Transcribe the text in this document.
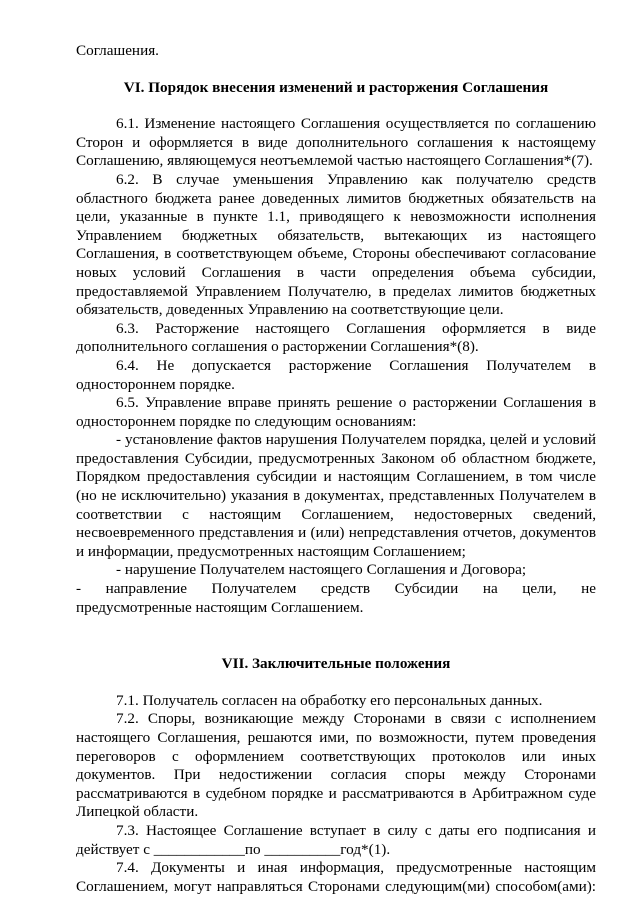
Соглашения.
VI. Порядок внесения изменений и расторжения Соглашения
6.1. Изменение настоящего Соглашения осуществляется по соглашению
Сторон и оформляется в виде дополнительного соглашения к настоящему
Соглашению, являющемуся неотъемлемой частью настоящего Соглашения*(7).
6.2. В случае уменьшения Управлению как получателю средств
областного бюджета ранее доведенных лимитов бюджетных обязательств на
цели, указанные в пункте 1.1, приводящего к невозможности исполнения
Управлением бюджетных обязательств, вытекающих из настоящего
Соглашения, в соответствующем объеме, Стороны обеспечивают согласование
новых условий Соглашения в части определения объема субсидии,
предоставляемой Управлением Получателю, в пределах лимитов бюджетных
обязательств, доведенных Управлению на соответствующие цели.
6.3. Расторжение настоящего Соглашения оформляется в виде
дополнительного соглашения о расторжении Соглашения*(8).
6.4. Не допускается расторжение Соглашения Получателем в
одностороннем порядке.
6.5. Управление вправе принять решение о расторжении Соглашения в
одностороннем порядке по следующим основаниям:
- установление фактов нарушения Получателем порядка, целей и условий
предоставления Субсидии, предусмотренных Законом об областном бюджете,
Порядком предоставления субсидии и настоящим Соглашением, в том числе
(но не исключительно) указания в документах, представленных Получателем в
соответствии с настоящим Соглашением, недостоверных сведений,
несвоевременного представления и (или) непредставления отчетов, документов
и информации, предусмотренных настоящим Соглашением;
- нарушение Получателем настоящего Соглашения и Договора;
- направление Получателем средств Субсидии на цели, не
предусмотренные настоящим Соглашением.
VII. Заключительные положения
7.1. Получатель согласен на обработку его персональных данных.
7.2. Споры, возникающие между Сторонами в связи с исполнением
настоящего Соглашения, решаются ими, по возможности, путем проведения
переговоров с оформлением соответствующих протоколов или иных
документов. При недостижении согласия споры между Сторонами
рассматриваются в судебном порядке и рассматриваются в Арбитражном суде
Липецкой области.
7.3. Настоящее Соглашение вступает в силу с даты его подписания и
действует с ____________по __________год*(1).
7.4. Документы и иная информация, предусмотренные настоящим
Соглашением, могут направляться Сторонами следующим(ми) способом(ами):
